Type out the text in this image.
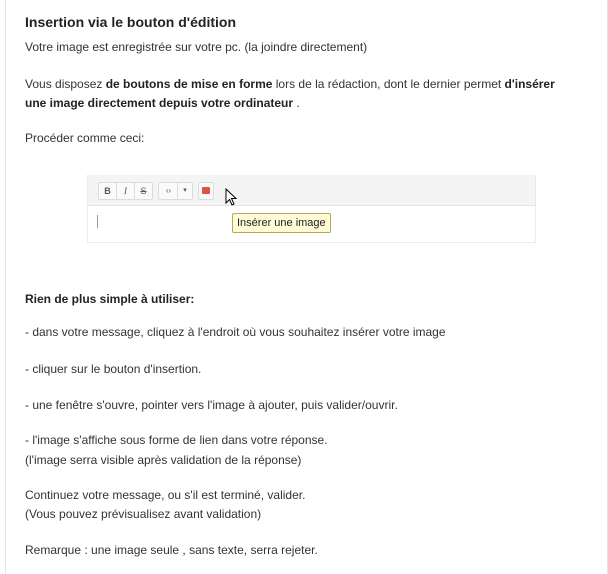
Insertion via le bouton d'édition
Votre image est enregistrée sur votre pc. (la joindre directement)
Vous disposez de boutons de mise en forme lors de la rédaction, dont le dernier permet d'insérer
une image directement depuis votre ordinateur .
Procéder comme ceci:
Rien de plus simple à utiliser:
- dans votre message, cliquez à l'endroit où vous souhaitez insérer votre image
- cliquer sur le bouton d'insertion.
- une fenêtre s'ouvre, pointer vers l'image à ajouter, puis valider/ouvrir.
- l'image s'affiche sous forme de lien dans votre réponse.
(l'image serra visible après validation de la réponse)
Continuez votre message, ou s'il est terminé, valider.
(Vous pouvez prévisualisez avant validation)
Remarque : une image seule , sans texte, serra rejeter.
B	I	S	‹›	▾
Insérer une image
